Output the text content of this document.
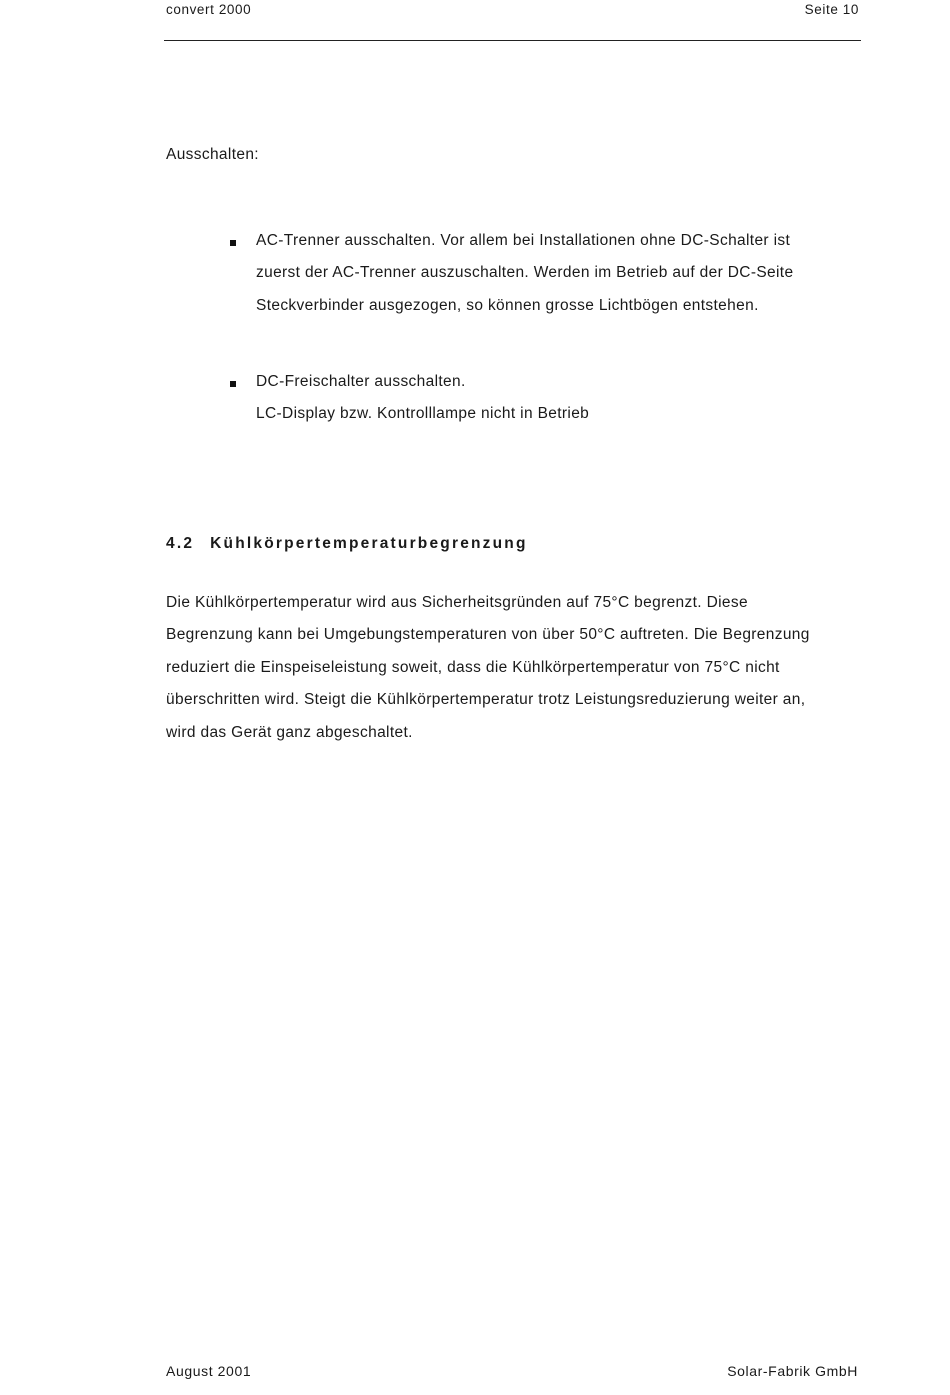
convert 2000	Seite 10
Ausschalten:
AC-Trenner ausschalten. Vor allem bei Installationen ohne DC-Schalter ist
zuerst der AC-Trenner auszuschalten. Werden im Betrieb auf der DC-Seite
Steckverbinder ausgezogen, so können grosse Lichtbögen entstehen.
DC-Freischalter ausschalten.
LC-Display bzw. Kontrolllampe nicht in Betrieb
4.2 Kühlkörpertemperaturbegrenzung
Die Kühlkörpertemperatur wird aus Sicherheitsgründen auf 75°C begrenzt. Diese
Begrenzung kann bei Umgebungstemperaturen von über 50°C auftreten. Die Begrenzung
reduziert die Einspeiseleistung soweit, dass die Kühlkörpertemperatur von 75°C nicht
überschritten wird. Steigt die Kühlkörpertemperatur trotz Leistungsreduzierung weiter an,
wird das Gerät ganz abgeschaltet.
August 2001	Solar-Fabrik GmbH
